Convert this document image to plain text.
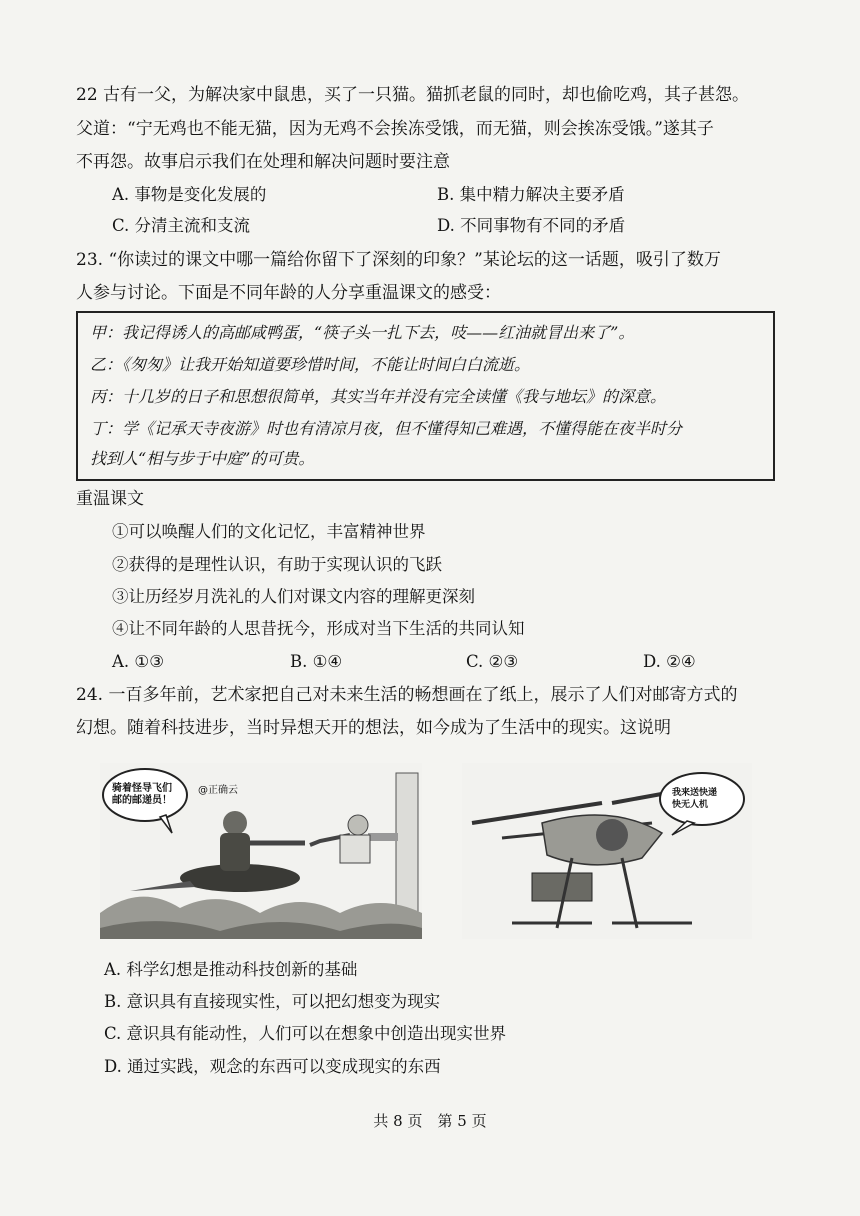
22 古有一父，为解决家中鼠患，买了一只猫。猫抓老鼠的同时，却也偷吃鸡，其子甚怨。
父道：“宁无鸡也不能无猫，因为无鸡不会挨冻受饿，而无猫，则会挨冻受饿。”遂其子
不再怨。故事启示我们在处理和解决问题时要注意
A. 事物是变化发展的	B. 集中精力解决主要矛盾
C. 分清主流和支流	D. 不同事物有不同的矛盾
23. “你读过的课文中哪一篇给你留下了深刻的印象？”某论坛的这一话题，吸引了数万
人参与讨论。下面是不同年龄的人分享重温课文的感受：
甲：我记得诱人的高邮咸鸭蛋，“筷子头一扎下去，吱——红油就冒出来了”。
乙：《匆匆》让我开始知道要珍惜时间，不能让时间白白流逝。
丙：十几岁的日子和思想很简单，其实当年并没有完全读懂《我与地坛》的深意。
丁：学《记承天寺夜游》时也有清凉月夜，但不懂得知己难遇，不懂得能在夜半时分
找到人“相与步于中庭”的可贵。
重温课文
①可以唤醒人们的文化记忆，丰富精神世界
②获得的是理性认识，有助于实现认识的飞跃
③让历经岁月洗礼的人们对课文内容的理解更深刻
④让不同年龄的人思昔抚今，形成对当下生活的共同认知
A. ①③	B. ①④	C. ②③	D. ②④
24. 一百多年前，艺术家把自己对未来生活的畅想画在了纸上，展示了人们对邮寄方式的
幻想。随着科技进步，当时异想天开的想法，如今成为了生活中的现实。这说明
骑着怪导飞们
邮的邮递员！
@正确云	我来送快递
快无人机
A. 科学幻想是推动科技创新的基础
B. 意识具有直接现实性，可以把幻想变为现实
C. 意识具有能动性，人们可以在想象中创造出现实世界
D. 通过实践，观念的东西可以变成现实的东西
共 8 页　第 5 页
